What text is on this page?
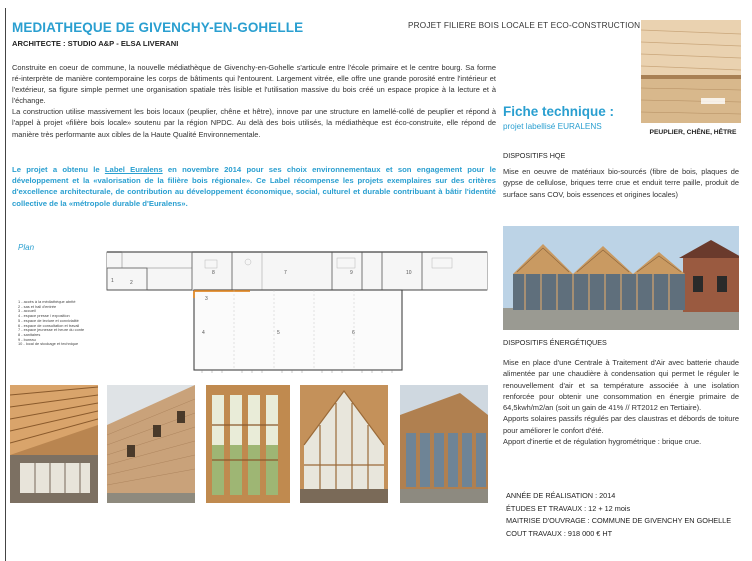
MEDIATHEQUE DE GIVENCHY-EN-GOHELLE
ARCHITECTE : STUDIO A&P - ELSA LIVERANI
PROJET FILIERE BOIS LOCALE ET ECO-CONSTRUCTION

Construite en coeur de commune, la nouvelle médiathèque de Givenchy-en-Gohelle s'articule entre l'école primaire et le centre bourg. Sa forme ré-interprète de manière contemporaine les corps de bâtiments qui l'entourent. Largement vitrée, elle offre une grande porosité entre l'intérieur et l'extérieur, sa figure simple permet une organisation spatiale très lisible et l'utilisation massive du bois créé un espace propice à la lecture et à l'échange.

La construction utilise massivement les bois locaux (peuplier, chêne et hêtre), innove par une structure en lamellé-collé de peuplier et répond à l'appel à projet «filière bois locale» soutenu par la région NPDC. Au delà des bois utilisés, la médiathèque est éco-construite, elle répond de manière très performante aux cibles de la Haute Qualité Environnementale.

Le projet a obtenu le Label Euralens en novembre 2014 pour ses choix environnementaux et son engagement pour le développement et la «valorisation de la filière bois régionale». Ce Label récompense les projets exemplaires sur des critères d'excellence architecturale, de contribution au développement économique, social, culturel et durable contribuant à bâtir l'identité collective de la «métropole durable d'Euralens».
1	2
3
4	5	6
7
8	9	10
Plan
1 - accès à la médiathèque abrité
2 - sas et hall d'entrée
3 - accueil
4 - espace presse / exposition
5 - espace de lecture et convivialité
6 - espace de consultation et travail
7 - espace jeunesse et heure du conte
8 - sanitaires
9 - bureau
10 - local de stockage et technique
PEUPLIER, CHÊNE, HÊTRE
Fiche technique :
projet labellisé EURALENS
DISPOSITIFS HQE
Mise en oeuvre de matériaux bio-sourcés (fibre de bois, plaques de gypse de cellulose, briques terre crue et enduit terre paille, produit de surface sans COV, bois essences et origines locales)
DISPOSITIFS ÉNERGÉTIQUES

Mise en place d'une Centrale à Traitement d'Air avec batterie chaude alimentée par une chaudière à condensation qui permet le réguler le renouvellement d'air et sa température associée à une isolation renforcée pour obtenir une consommation en énergie primaire de 64,5kwh/m2/an (soit un gain de 41% // RT2012 en Tertiaire).

Apports solaires passifs régulés par des claustras et débords de toiture pour améliorer le confort d'été.

Apport d'inertie et de régulation hygrométrique : brique crue.

ANNÉE DE RÉALISATION : 2014
ÉTUDES ET TRAVAUX : 12 + 12 mois
MAITRISE D'OUVRAGE : COMMUNE DE GIVENCHY EN GOHELLE
COUT TRAVAUX : 918 000 € HT
